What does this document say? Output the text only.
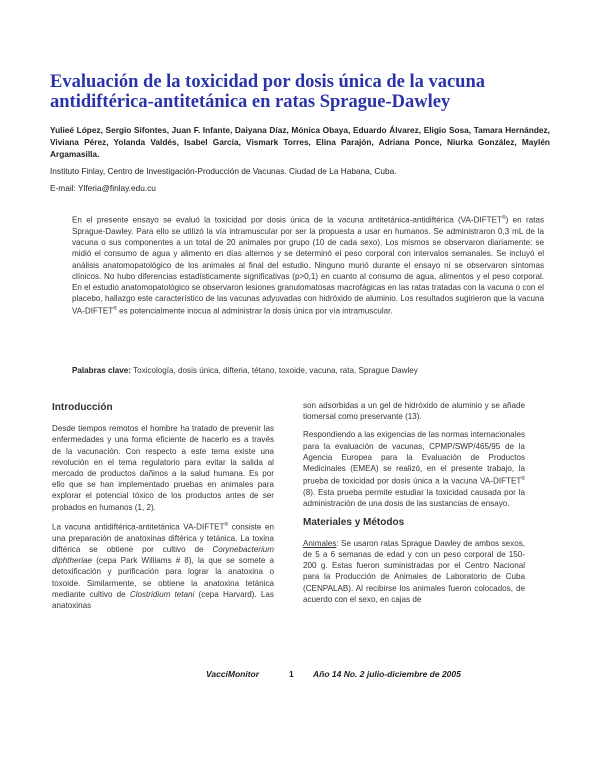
Evaluación de la toxicidad por dosis única de la vacuna antidiftérica-antitetánica en ratas Sprague-Dawley

Yulieé López, Sergio Sifontes, Juan F. Infante, Daiyana Díaz, Mónica Obaya, Eduardo Álvarez, Eligio Sosa, Tamara Hernández, Viviana Pérez, Yolanda Valdés, Isabel García, Vismark Torres, Elina Parajón, Adriana Ponce, Niurka González, Maylén Argamasilla.

Instituto Finlay, Centro de Investigación-Producción de Vacunas. Ciudad de La Habana, Cuba.

E-mail: Ylferia@finlay.edu.cu

En el presente ensayo se evaluó la toxicidad por dosis única de la vacuna antitetánica-antidiftérica (VA-DIFTET®) en ratas Sprague-Dawley. Para ello se utilizó la vía intramuscular por ser la propuesta a usar en humanos. Se administraron 0,3 mL de la vacuna o sus componentes a un total de 20 animales por grupo (10 de cada sexo). Los mismos se observaron diariamente: se midió el consumo de agua y alimento en días alternos y se determinó el peso corporal con intervalos semanales. Se incluyó el análisis anatomopatológico de los animales al final del estudio. Ninguno murió durante el ensayo ni se observaron síntomas clínicos. No hubo diferencias estadísticamente significativas (p>0,1) en cuanto al consumo de agua, alimentos y el peso corporal. En el estudio anatomopatológico se observaron lesiones granulomatosas macrofágicas en las ratas tratadas con la vacuna o con el placebo, hallazgo este característico de las vacunas adyuvadas con hidróxido de aluminio. Los resultados sugirieron que la vacuna VA-DIFTET® es potencialmente inocua al administrar la dosis única por vía intramuscular.

Palabras clave: Toxicología, dosis única, difteria, tétano, toxoide, vacuna, rata, Sprague Dawley

Introducción

Desde tiempos remotos el hombre ha tratado de prevenir las enfermedades y una forma eficiente de hacerlo es a través de la vacunación. Con respecto a este tema existe una revolución en el tema regulatorio para evitar la salida al mercado de productos dañinos a la salud humana. Es por ello que se han implementado pruebas en animales para explorar el potencial tóxico de los productos antes de ser probados en humanos (1, 2).

La vacuna antidiftérica-antitetánica VA-DIFTET® consiste en una preparación de anatoxinas diftérica y tetánica. La toxina diftérica se obtiene por cultivo de Corynebacterium diphtheriae (cepa Park Williams # 8), la que se somete a detoxificación y purificación para lograr la anatoxina o toxoide. Similarmente, se obtiene la anatoxina tetánica mediante cultivo de Clostridium tetani (cepa Harvard). Las anatoxinas

son adsorbidas a un gel de hidróxido de aluminio y se añade tiomersal como preservante (13).

Respondiendo a las exigencias de las normas internacionales para la evaluación de vacunas, CPMP/SWP/465/95 de la Agencia Europea para la Evaluación de Productos Medicinales (EMEA) se realizó, en el presente trabajo, la prueba de toxicidad por dosis única a la vacuna VA-DIFTET® (8). Esta prueba permite estudiar la toxicidad causada por la administración de una dosis de las sustancias de ensayo.

Materiales y Métodos

Animales: Se usaron ratas Sprague Dawley de ambos sexos, de 5 a 6 semanas de edad y con un peso corporal de 150-200 g. Estas fueron suministradas por el Centro Nacional para la Producción de Animales de Laboratorio de Cuba (CENPALAB). Al recibirse los animales fueron colocados, de acuerdo con el sexo, en cajas de

VacciMonitor	1 Año 14 No. 2 julio-diciembre de 2005
